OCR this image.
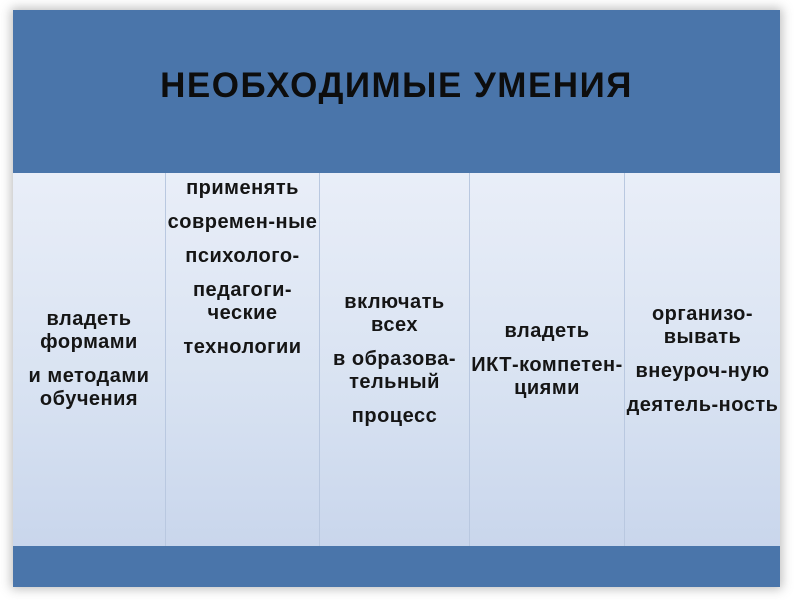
НЕОБХОДИМЫЕ УМЕНИЯ

владеть формами

и методами обучения

применять

современ-ные

психолого-

педагоги-ческие

технологии

включать всех

в образова-тельный

процесс

владеть

ИКТ-компетен-циями

организо-вывать

внеуроч-ную

деятель-ность
